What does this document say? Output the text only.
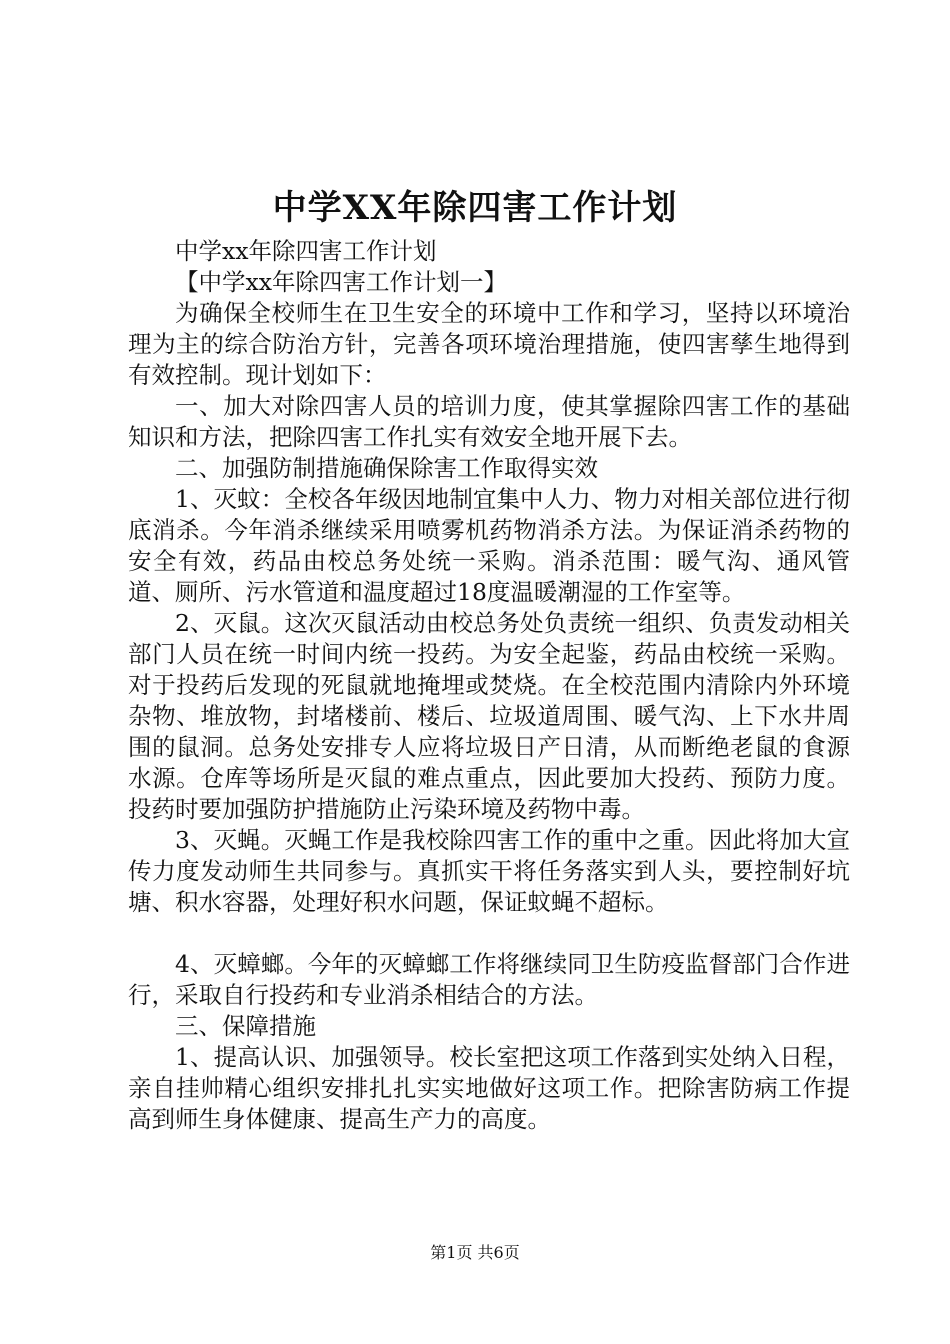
中学XX年除四害工作计划

中学xx年除四害工作计划

【中学xx年除四害工作计划一】

为确保全校师生在卫生安全的环境中工作和学习，坚持以环境治理为主的综合防治方针，完善各项环境治理措施，使四害孳生地得到有效控制。现计划如下：

一、加大对除四害人员的培训力度，使其掌握除四害工作的基础知识和方法，把除四害工作扎实有效安全地开展下去。

二、加强防制措施确保除害工作取得实效

1、灭蚊：全校各年级因地制宜集中人力、物力对相关部位进行彻底消杀。今年消杀继续采用喷雾机药物消杀方法。为保证消杀药物的安全有效，药品由校总务处统一采购。消杀范围：暖气沟、通风管道、厕所、污水管道和温度超过18度温暖潮湿的工作室等。

2、灭鼠。这次灭鼠活动由校总务处负责统一组织、负责发动相关部门人员在统一时间内统一投药。为安全起鉴，药品由校统一采购。对于投药后发现的死鼠就地掩埋或焚烧。在全校范围内清除内外环境杂物、堆放物，封堵楼前、楼后、垃圾道周围、暖气沟、上下水井周围的鼠洞。总务处安排专人应将垃圾日产日清，从而断绝老鼠的食源水源。仓库等场所是灭鼠的难点重点，因此要加大投药、预防力度。投药时要加强防护措施防止污染环境及药物中毒。

3、灭蝇。灭蝇工作是我校除四害工作的重中之重。因此将加大宣传力度发动师生共同参与。真抓实干将任务落实到人头，要控制好坑塘、积水容器，处理好积水问题，保证蚊蝇不超标。

4、灭蟑螂。今年的灭蟑螂工作将继续同卫生防疫监督部门合作进行，采取自行投药和专业消杀相结合的方法。

三、保障措施

1、提高认识、加强领导。校长室把这项工作落到实处纳入日程，亲自挂帅精心组织安排扎扎实实地做好这项工作。把除害防病工作提高到师生身体健康、提高生产力的高度。

第1页 共6页
